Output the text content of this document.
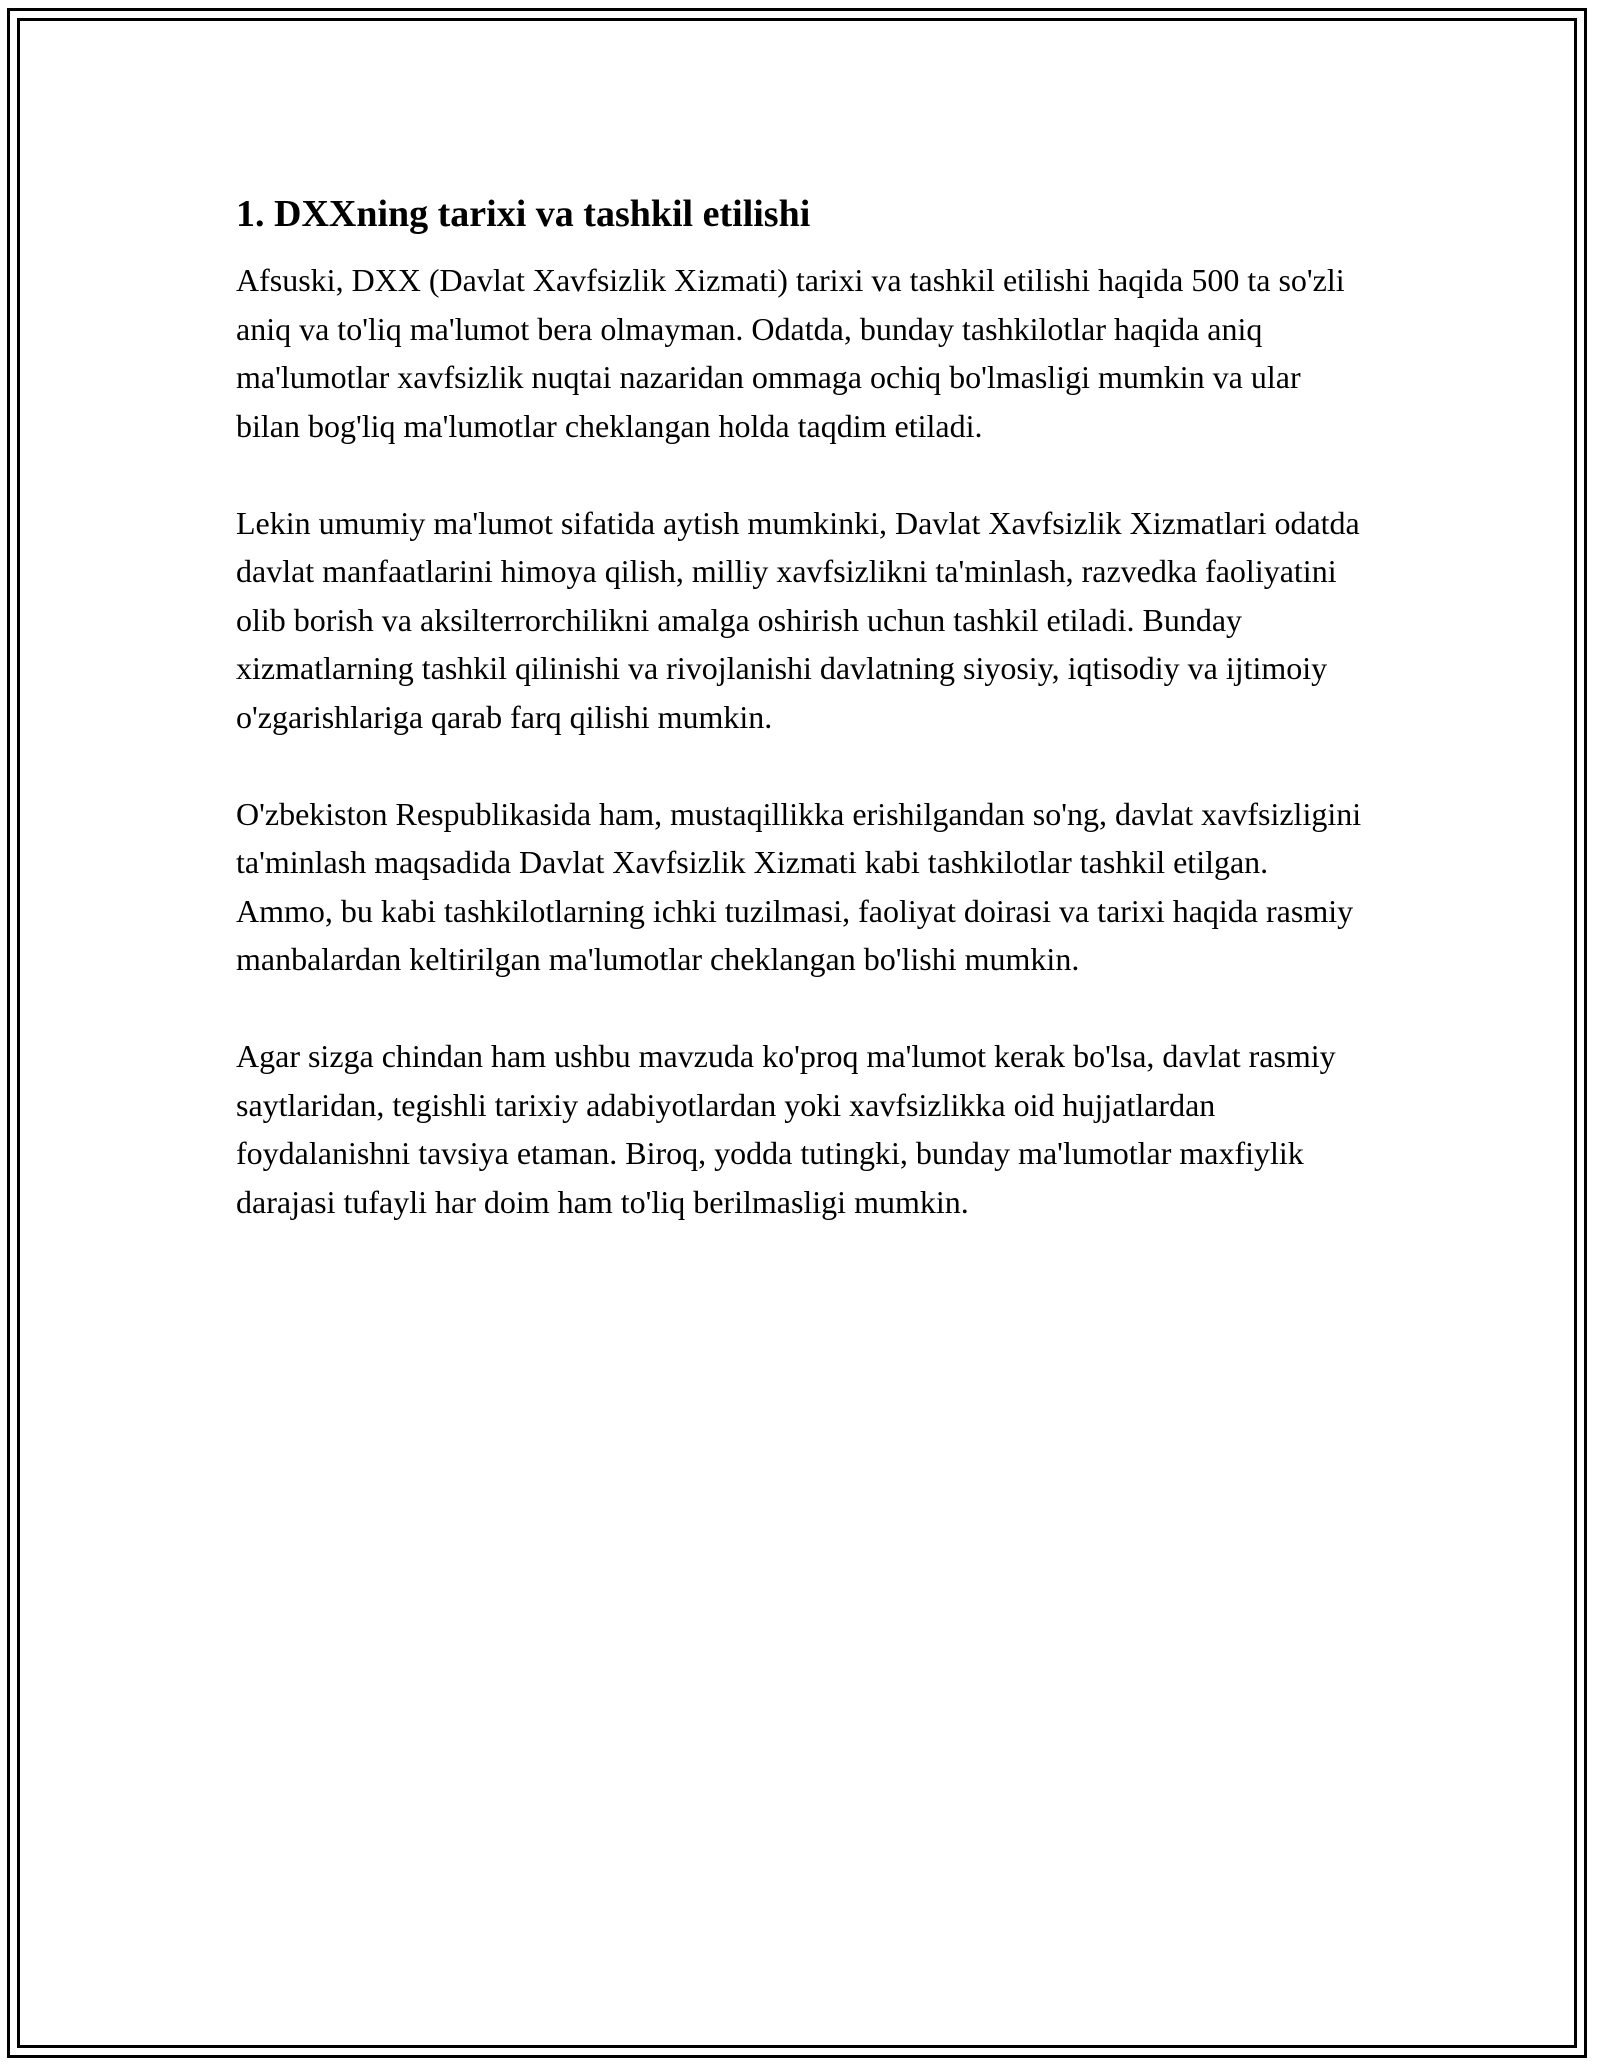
1. DXXning tarixi va tashkil etilishi

Afsuski, DXX (Davlat Xavfsizlik Xizmati) tarixi va tashkil etilishi haqida 500 ta so'zli aniq va to'liq ma'lumot bera olmayman. Odatda, bunday tashkilotlar haqida aniq ma'lumotlar xavfsizlik nuqtai nazaridan ommaga ochiq bo'lmasligi mumkin va ular bilan bog'liq ma'lumotlar cheklangan holda taqdim etiladi.

Lekin umumiy ma'lumot sifatida aytish mumkinki, Davlat Xavfsizlik Xizmatlari odatda davlat manfaatlarini himoya qilish, milliy xavfsizlikni ta'minlash, razvedka faoliyatini olib borish va aksilterrorchilikni amalga oshirish uchun tashkil etiladi. Bunday xizmatlarning tashkil qilinishi va rivojlanishi davlatning siyosiy, iqtisodiy va ijtimoiy o'zgarishlariga qarab farq qilishi mumkin.

O'zbekiston Respublikasida ham, mustaqillikka erishilgandan so'ng, davlat xavfsizligini ta'minlash maqsadida Davlat Xavfsizlik Xizmati kabi tashkilotlar tashkil etilgan. Ammo, bu kabi tashkilotlarning ichki tuzilmasi, faoliyat doirasi va tarixi haqida rasmiy manbalardan keltirilgan ma'lumotlar cheklangan bo'lishi mumkin.

Agar sizga chindan ham ushbu mavzuda ko'proq ma'lumot kerak bo'lsa, davlat rasmiy saytlaridan, tegishli tarixiy adabiyotlardan yoki xavfsizlikka oid hujjatlardan foydalanishni tavsiya etaman. Biroq, yodda tutingki, bunday ma'lumotlar maxfiylik darajasi tufayli har doim ham to'liq berilmasligi mumkin.
